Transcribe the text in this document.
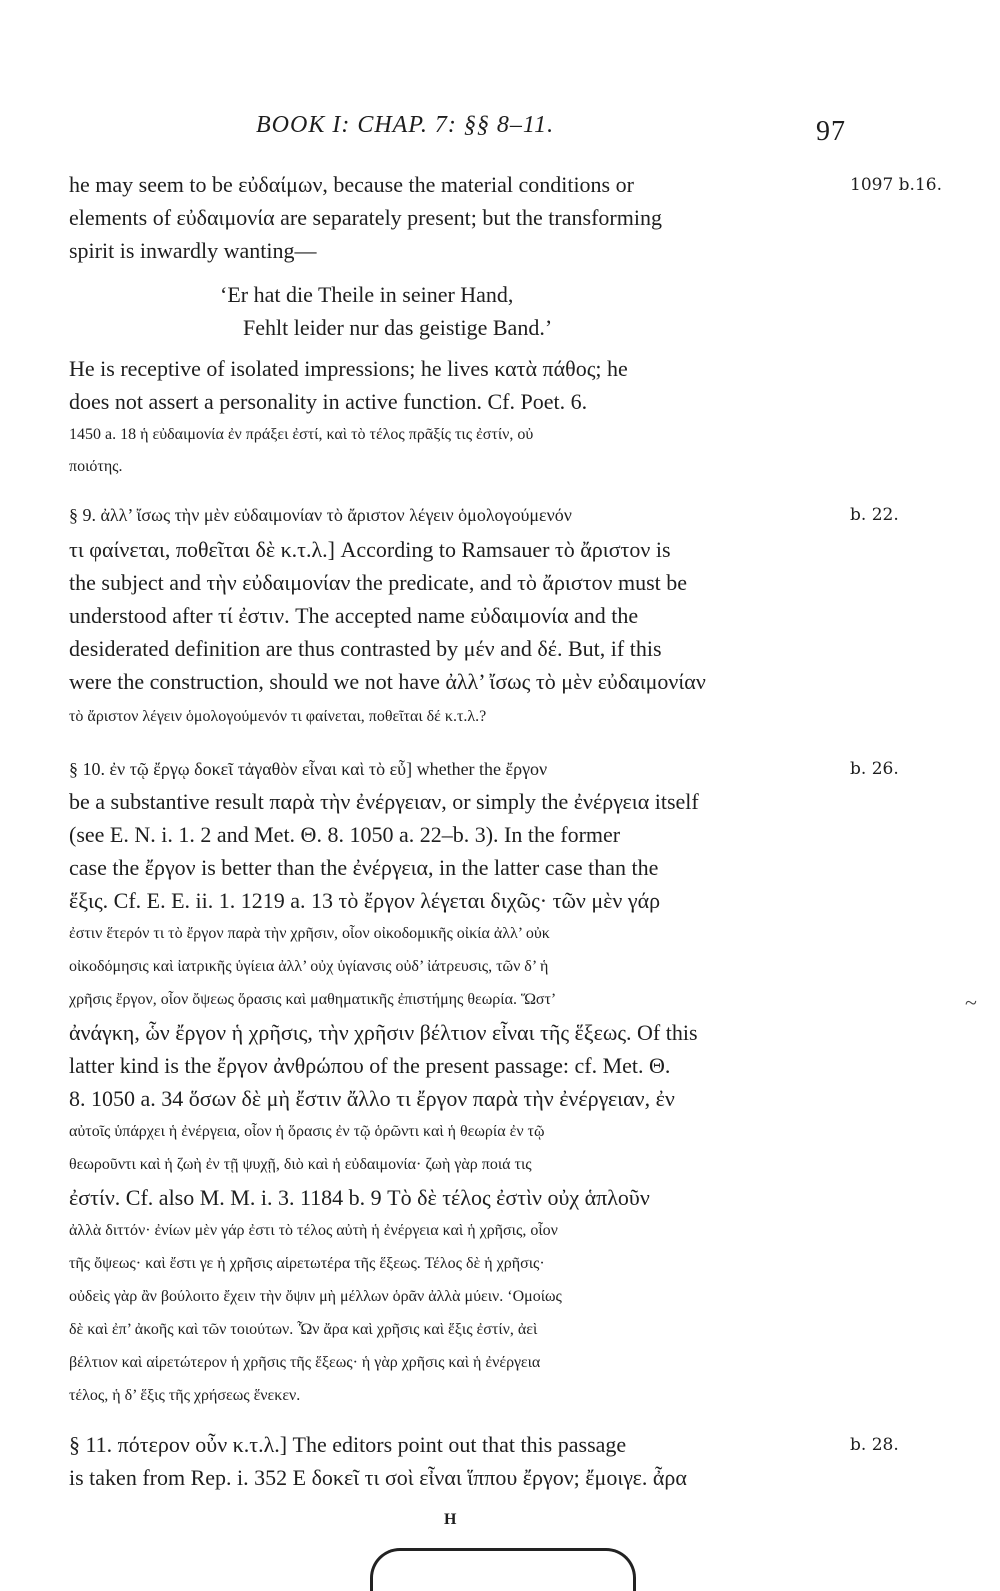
BOOK I: CHAP. 7: §§ 8–11.	97
he may seem to be εὐδαίμων, because the material conditions or
elements of εὐδαιμονία are separately present; but the transforming
spirit is inwardly wanting—
‘Er hat die Theile in seiner Hand,
Fehlt leider nur das geistige Band.’
He is receptive of isolated impressions; he lives κατὰ πάθος; he
does not assert a personality in active function. Cf. Poet. 6.
1450 a. 18 ἡ εὐδαιμονία ἐν πράξει ἐστί, καὶ τὸ τέλος πρᾶξίς τις ἐστίν, οὐ
ποιότης.
§ 9. ἀλλ’ ἴσως τὴν μὲν εὐδαιμονίαν τὸ ἄριστον λέγειν ὁμολογούμενόν
τι φαίνεται, ποθεῖται δὲ κ.τ.λ.] According to Ramsauer τὸ ἄριστον is
the subject and τὴν εὐδαιμονίαν the predicate, and τὸ ἄριστον must be
understood after τί ἐστιν. The accepted name εὐδαιμονία and the
desiderated definition are thus contrasted by μέν and δέ. But, if this
were the construction, should we not have ἀλλ’ ἴσως τὸ μὲν εὐδαιμονίαν
τὸ ἄριστον λέγειν ὁμολογούμενόν τι φαίνεται, ποθεῖται δέ κ.τ.λ.?
§ 10. ἐν τῷ ἔργῳ δοκεῖ τἀγαθὸν εἶναι καὶ τὸ εὖ] whether the ἔργον
be a substantive result παρὰ τὴν ἐνέργειαν, or simply the ἐνέργεια itself
(see E. N. i. 1. 2 and Met. Θ. 8. 1050 a. 22–b. 3). In the former
case the ἔργον is better than the ἐνέργεια, in the latter case than the
ἕξις. Cf. E. E. ii. 1. 1219 a. 13 τὸ ἔργον λέγεται διχῶς· τῶν μὲν γάρ
ἐστιν ἕτερόν τι τὸ ἔργον παρὰ τὴν χρῆσιν, οἷον οἰκοδομικῆς οἰκία ἀλλ’ οὐκ
οἰκοδόμησις καὶ ἰατρικῆς ὑγίεια ἀλλ’ οὐχ ὑγίανσις οὐδ’ ἰάτρευσις, τῶν δ’ ἡ
χρῆσις ἔργον, οἷον ὄψεως ὅρασις καὶ μαθηματικῆς ἐπιστήμης θεωρία. Ὥστ’
ἀνάγκη, ὧν ἔργον ἡ χρῆσις, τὴν χρῆσιν βέλτιον εἶναι τῆς ἕξεως. Of this
latter kind is the ἔργον ἀνθρώπου of the present passage: cf. Met. Θ.
8. 1050 a. 34 ὅσων δὲ μὴ ἔστιν ἄλλο τι ἔργον παρὰ τὴν ἐνέργειαν, ἐν
αὐτοῖς ὑπάρχει ἡ ἐνέργεια, οἷον ἡ ὅρασις ἐν τῷ ὁρῶντι καὶ ἡ θεωρία ἐν τῷ
θεωροῦντι καὶ ἡ ζωὴ ἐν τῇ ψυχῇ, διὸ καὶ ἡ εὐδαιμονία· ζωὴ γὰρ ποιά τις
ἐστίν. Cf. also M. M. i. 3. 1184 b. 9 Τὸ δὲ τέλος ἐστὶν οὐχ ἁπλοῦν
ἀλλὰ διττόν· ἐνίων μὲν γάρ ἐστι τὸ τέλος αὐτὴ ἡ ἐνέργεια καὶ ἡ χρῆσις, οἷον
τῆς ὄψεως· καὶ ἔστι γε ἡ χρῆσις αἱρετωτέρα τῆς ἕξεως. Τέλος δὲ ἡ χρῆσις·
οὐδεὶς γὰρ ἂν βούλοιτο ἔχειν τὴν ὄψιν μὴ μέλλων ὁρᾶν ἀλλὰ μύειν. ‘Ομοίως
δὲ καὶ ἐπ’ ἀκοῆς καὶ τῶν τοιούτων. Ὧν ἄρα καὶ χρῆσις καὶ ἕξις ἐστίν, ἀεὶ
βέλτιον καὶ αἱρετώτερον ἡ χρῆσις τῆς ἕξεως· ἡ γὰρ χρῆσις καὶ ἡ ἐνέργεια
τέλος, ἡ δ’ ἕξις τῆς χρήσεως ἕνεκεν.
§ 11. πότερον οὖν κ.τ.λ.] The editors point out that this passage
is taken from Rep. i. 352 E δοκεῖ τι σοὶ εἶναι ἵππου ἔργον; ἔμοιγε. ἆρα
1097 b.16.
b. 22.
b. 26.
b. 28.
~
H
